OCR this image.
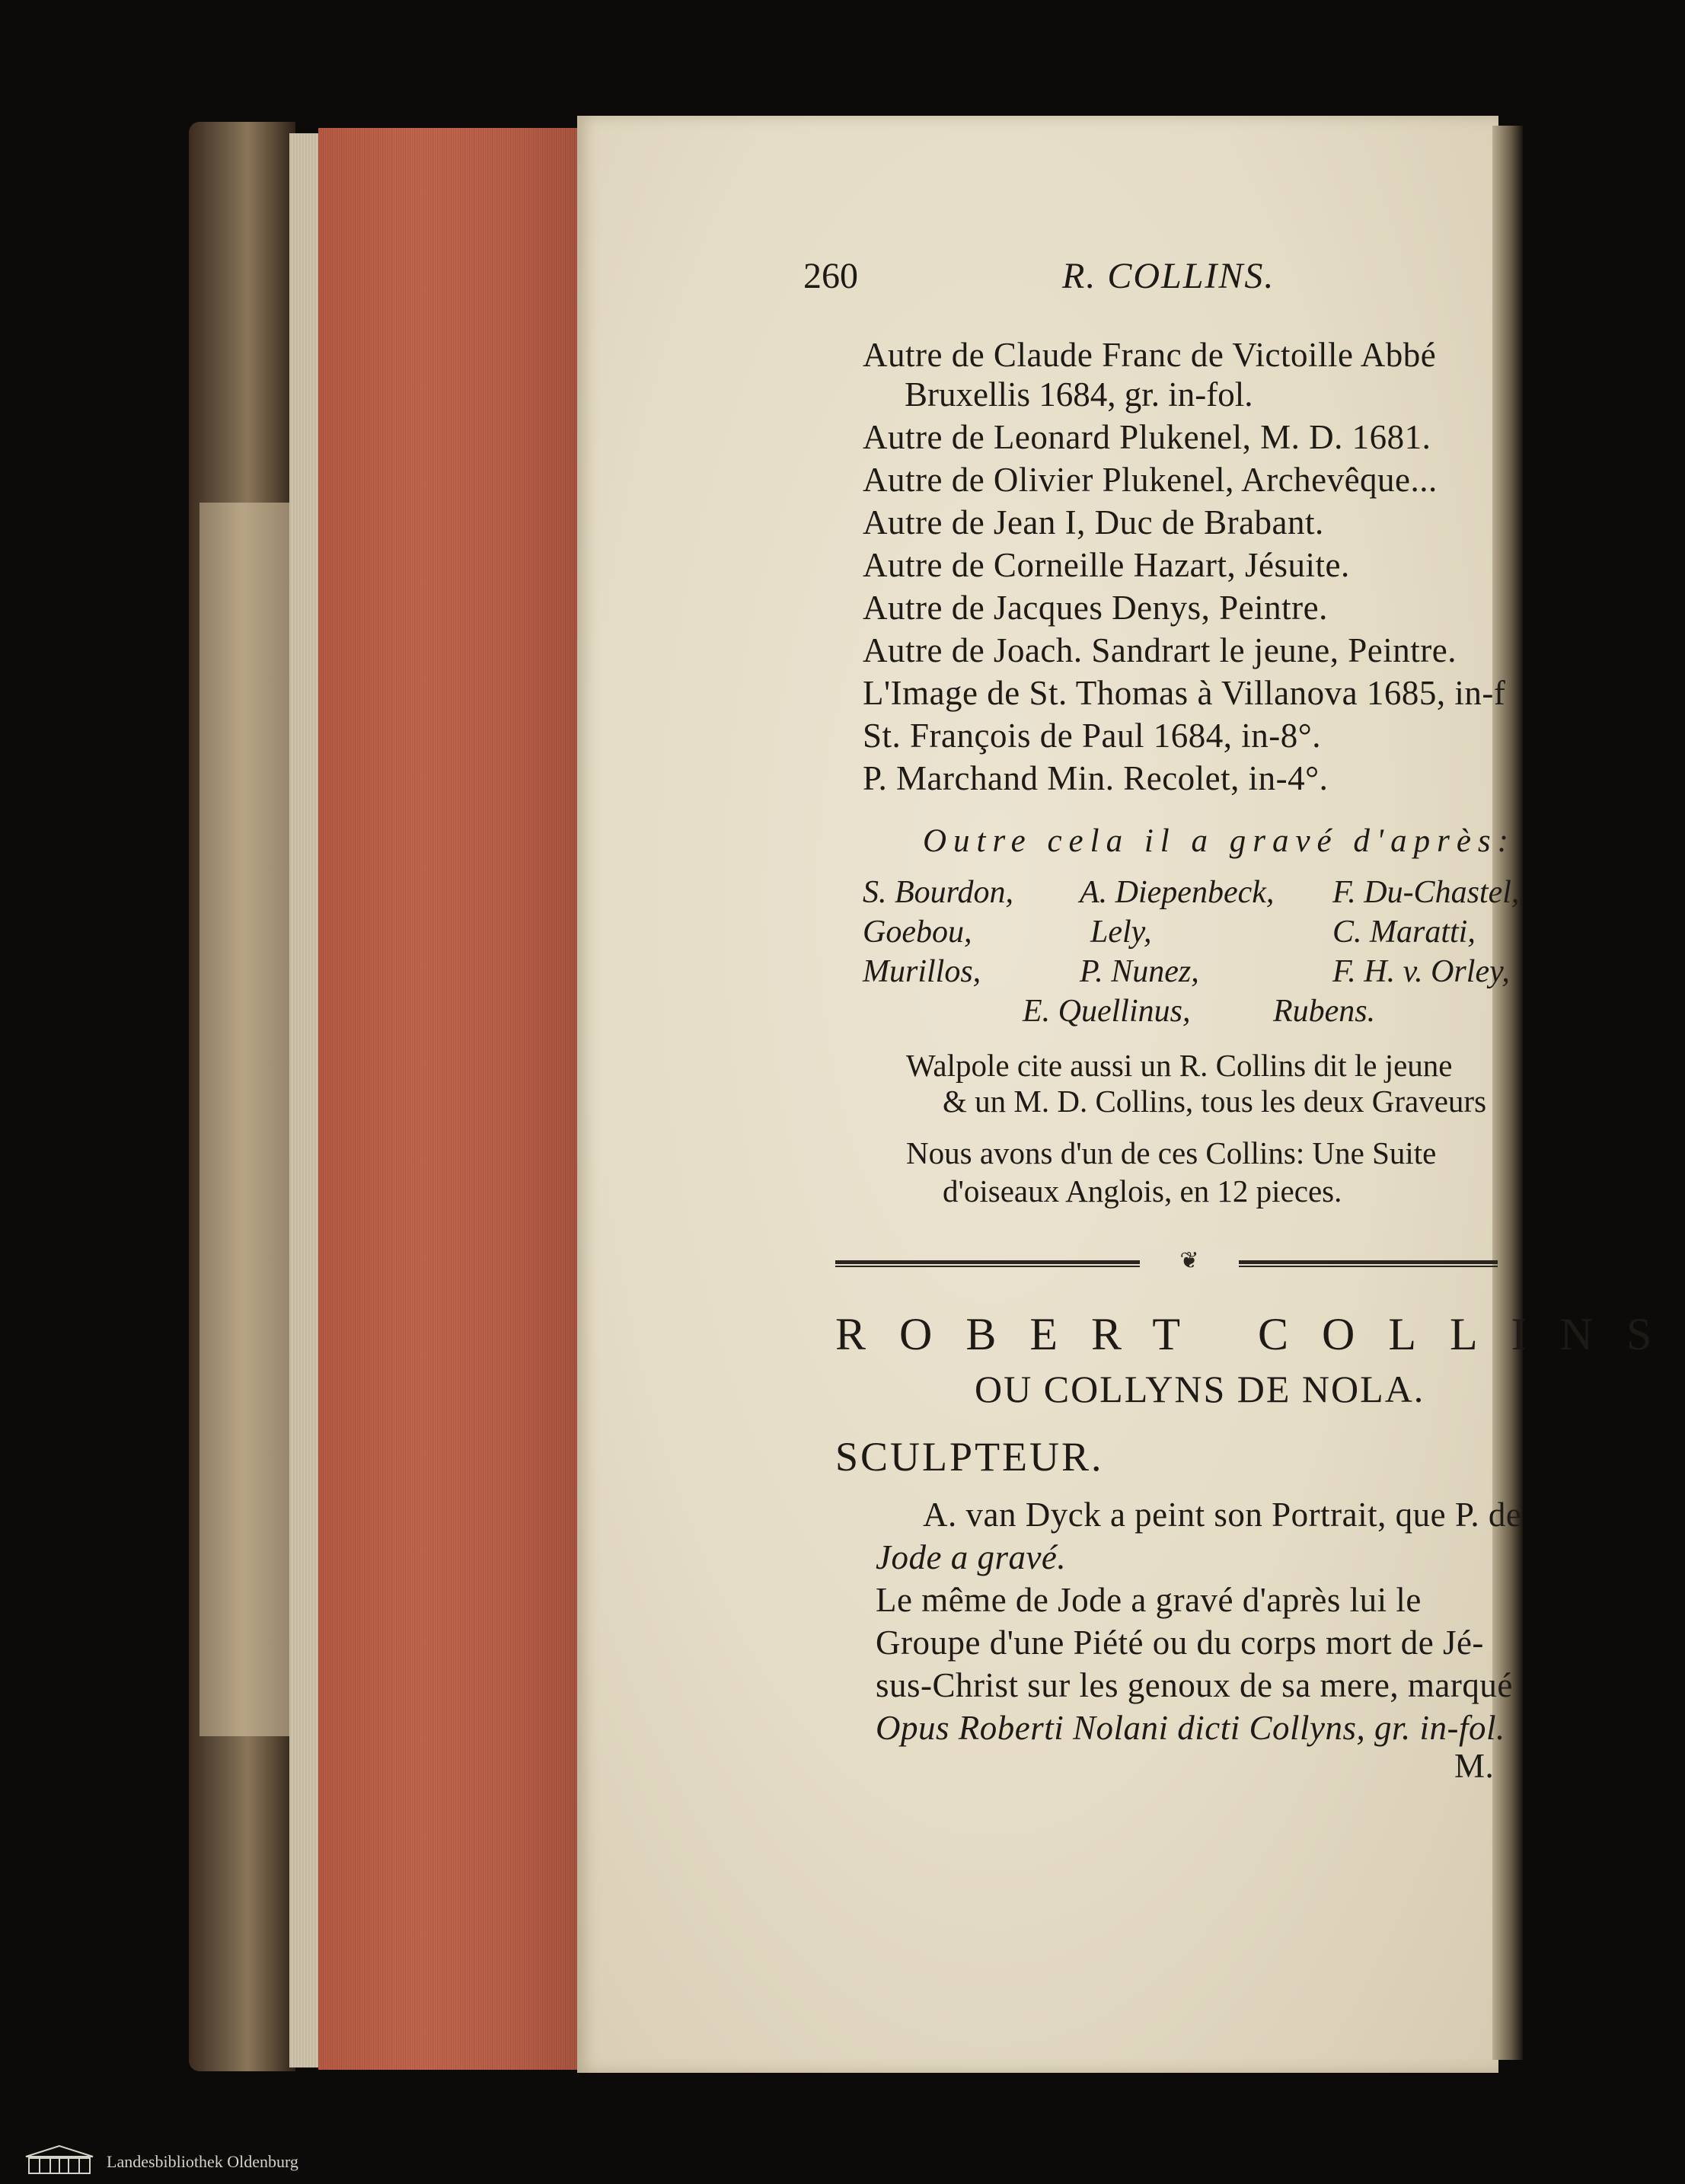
260	R. COLLINS.
Autre de Claude Franc de Victoille Abbé
Bruxellis 1684, gr. in-fol.
Autre de Leonard Plukenel, M. D. 1681.
Autre de Olivier Plukenel, Archevêque...
Autre de Jean I, Duc de Brabant.
Autre de Corneille Hazart, Jésuite.
Autre de Jacques Denys, Peintre.
Autre de Joach. Sandrart le jeune, Peintre.
L'Image de St. Thomas à Villanova 1685, in-f
St. François de Paul 1684, in-8°.
P. Marchand Min. Recolet, in-4°.
Outre cela il a gravé d'après:
S. Bourdon, A. Diepenbeck, F. Du-Chastel,
Goebou,	Lely,	C. Maratti,
Murillos,	P. Nunez,	F. H. v. Orley,
E. Quellinus,	Rubens.
Walpole cite aussi un R. Collins dit le jeune
& un M. D. Collins, tous les deux Graveurs
Nous avons d'un de ces Collins: Une Suite
d'oiseaux Anglois, en 12 pieces.
❦
ROBERT COLLINS
OU COLLYNS DE NOLA.
SCULPTEUR.
A. van Dyck a peint son Portrait, que P. de
Jode a gravé.
Le même de Jode a gravé d'après lui le
Groupe d'une Piété ou du corps mort de Jé-
sus-Christ sur les genoux de sa mere, marqué
Opus Roberti Nolani dicti Collyns, gr. in-fol.
M.
Landesbibliothek Oldenburg
